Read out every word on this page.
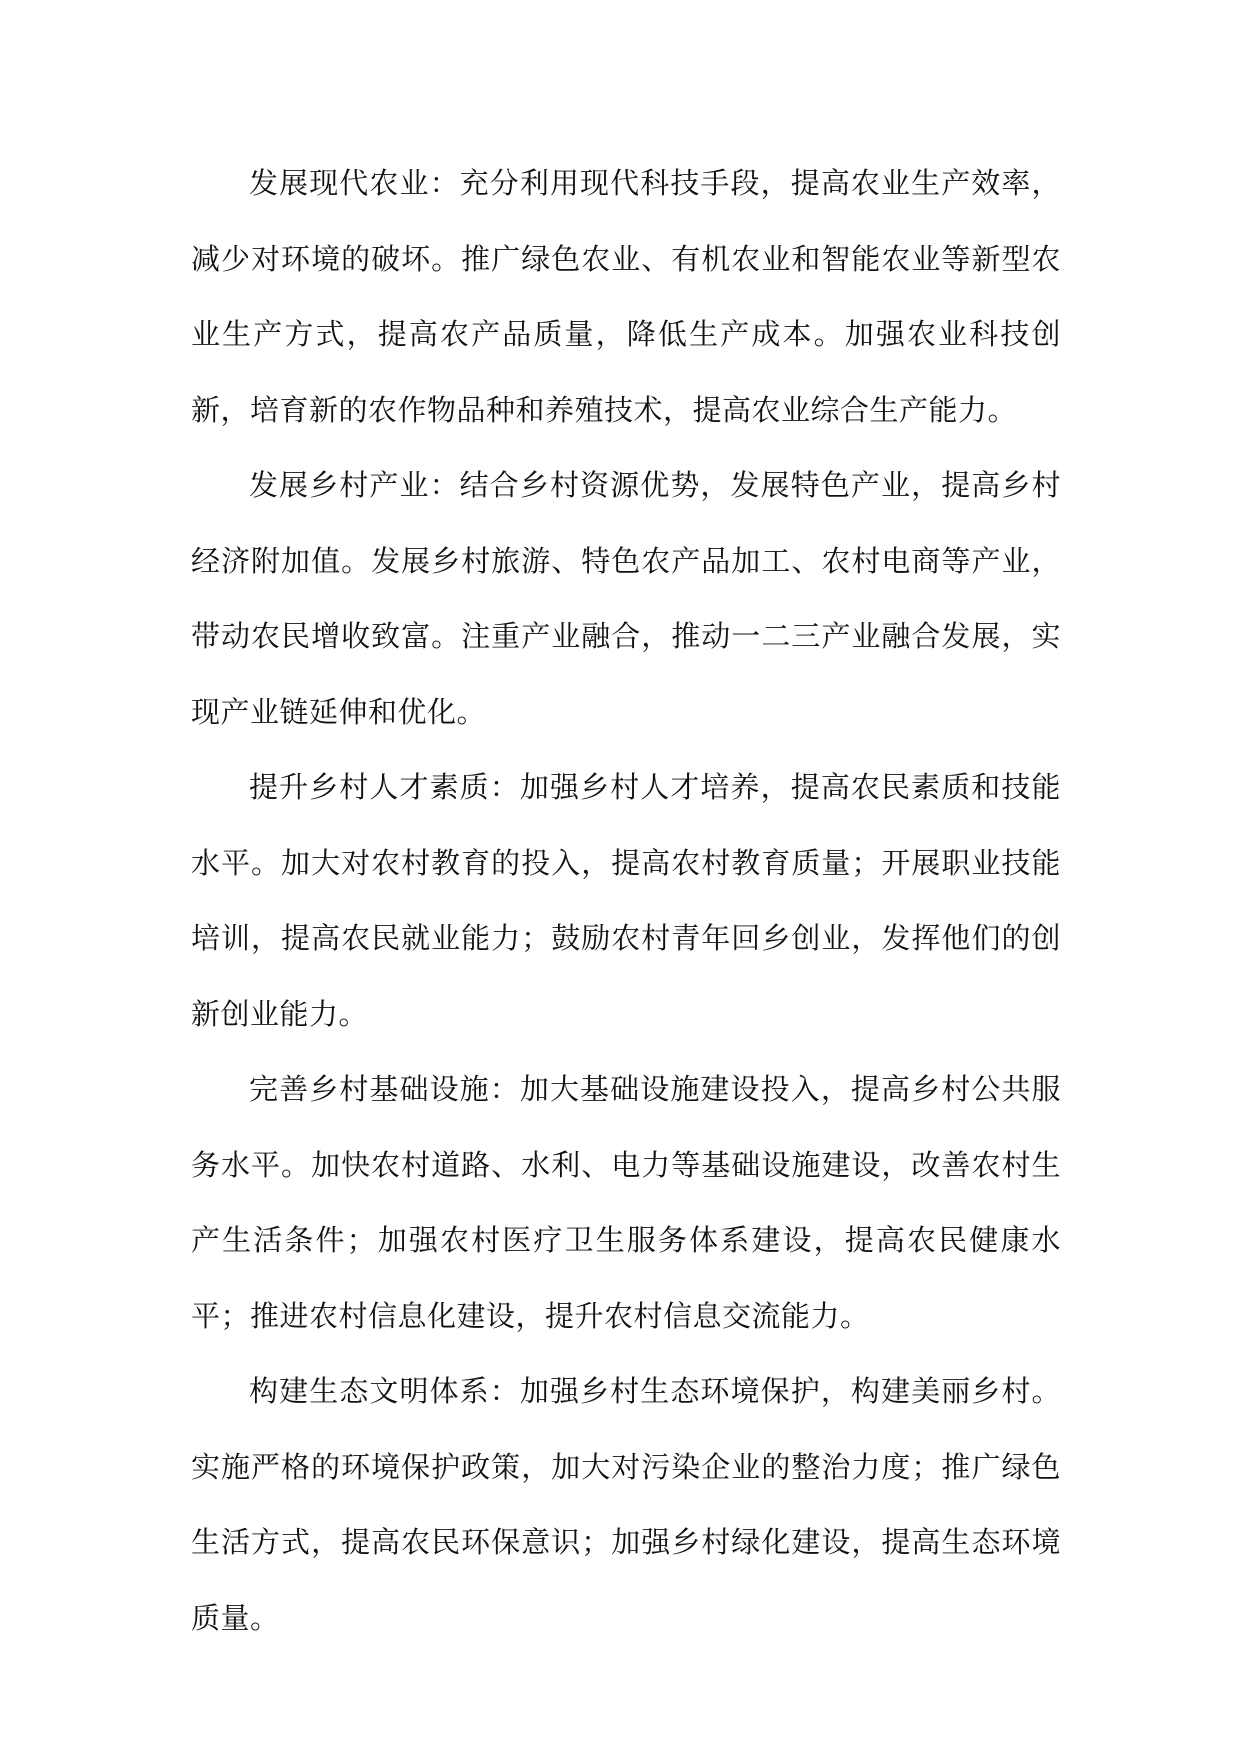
发展现代农业：充分利用现代科技手段，提高农业生产效率，减少对环境的破坏。推广绿色农业、有机农业和智能农业等新型农业生产方式，提高农产品质量，降低生产成本。加强农业科技创新，培育新的农作物品种和养殖技术，提高农业综合生产能力。

发展乡村产业：结合乡村资源优势，发展特色产业，提高乡村经济附加值。发展乡村旅游、特色农产品加工、农村电商等产业，带动农民增收致富。注重产业融合，推动一二三产业融合发展，实现产业链延伸和优化。

提升乡村人才素质：加强乡村人才培养，提高农民素质和技能水平。加大对农村教育的投入，提高农村教育质量；开展职业技能培训，提高农民就业能力；鼓励农村青年回乡创业，发挥他们的创新创业能力。

完善乡村基础设施：加大基础设施建设投入，提高乡村公共服务水平。加快农村道路、水利、电力等基础设施建设，改善农村生产生活条件；加强农村医疗卫生服务体系建设，提高农民健康水平；推进农村信息化建设，提升农村信息交流能力。

构建生态文明体系：加强乡村生态环境保护，构建美丽乡村。实施严格的环境保护政策，加大对污染企业的整治力度；推广绿色生活方式，提高农民环保意识；加强乡村绿化建设，提高生态环境质量。
